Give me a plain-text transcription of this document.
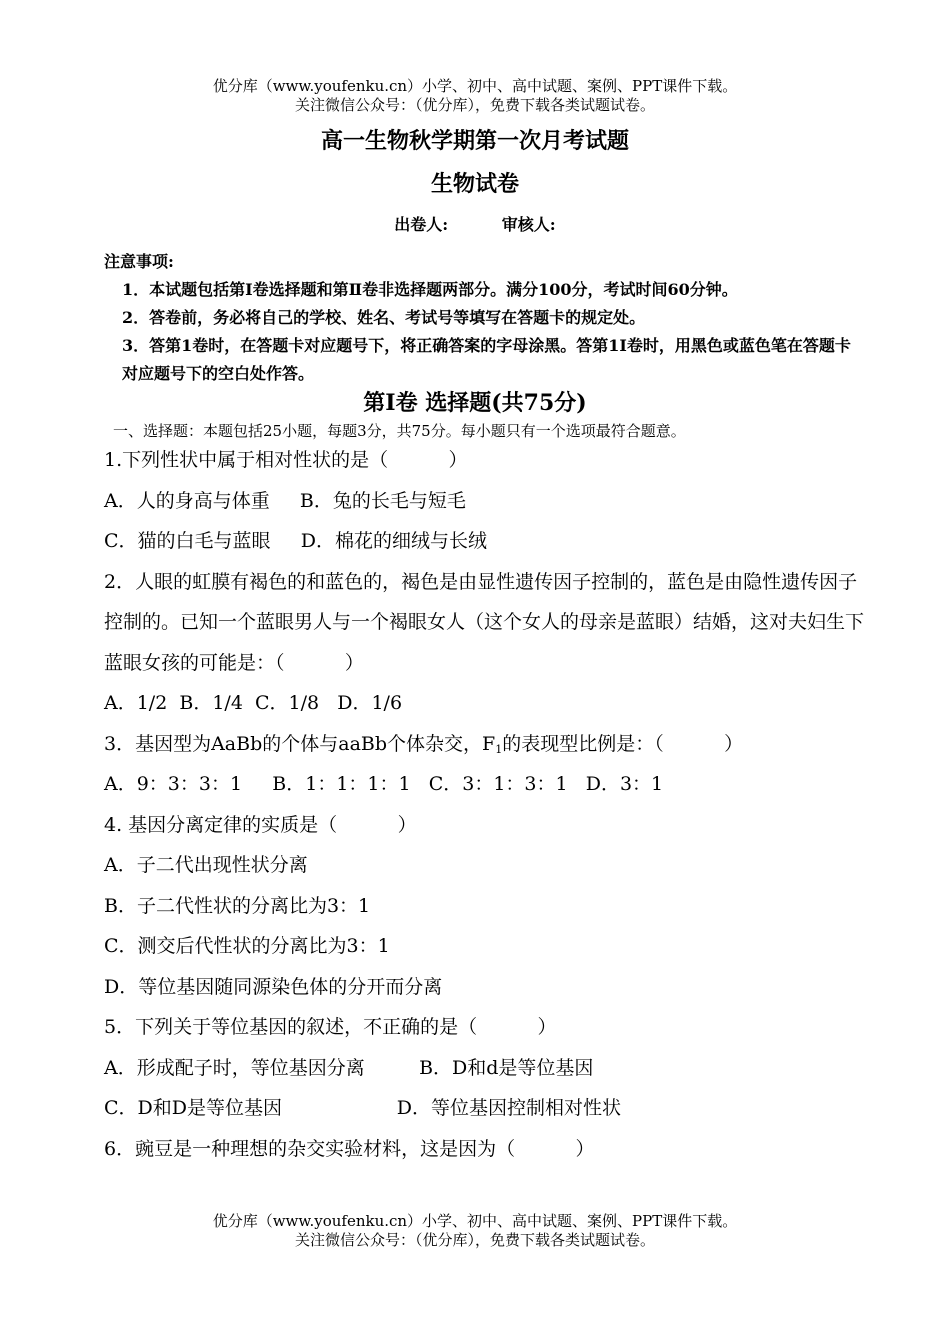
优分库（www.youfenku.cn）小学、初中、高中试题、案例、PPT课件下载。
关注微信公众号：（优分库），免费下载各类试题试卷。
高一生物秋学期第一次月考试题
生物试卷
出卷人:	审核人:
注意事项:
1．本试题包括第Ⅰ卷选择题和第Ⅱ卷非选择题两部分。满分100分，考试时间60分钟。
2．答卷前，务必将自己的学校、姓名、考试号等填写在答题卡的规定处。
3．答第1卷时，在答题卡对应题号下，将正确答案的字母涂黑。答第1I卷时，用黑色或蓝色笔在答题卡对应题号下的空白处作答。
第Ⅰ卷 选择题(共75分)
一、选择题：本题包括25小题，每题3分，共75分。每小题只有一个选项最符合题意。
1.下列性状中属于相对性状的是（          ）
A．人的身高与体重     B．兔的长毛与短毛
C．猫的白毛与蓝眼     D．棉花的细绒与长绒
2．人眼的虹膜有褐色的和蓝色的，褐色是由显性遗传因子控制的，蓝色是由隐性遗传因子控制的。已知一个蓝眼男人与一个褐眼女人（这个女人的母亲是蓝眼）结婚，这对夫妇生下蓝眼女孩的可能是：（          ）
A．1/2  B．1/4  C．1/8   D．1/6
3．基因型为AaBb的个体与aaBb个体杂交，$F_1$的表现型比例是：（          ）
A．9：3：3：1     B．1：1：1：1   C．3：1：3：1   D．3：1
4. 基因分离定律的实质是（          ）
A．子二代出现性状分离
B．子二代性状的分离比为3：1
C．测交后代性状的分离比为3：1
D．等位基因随同源染色体的分开而分离
5．下列关于等位基因的叙述，不正确的是（          ）
A．形成配子时，等位基因分离         B．D和d是等位基因
C．D和D是等位基因                   D．等位基因控制相对性状
6．豌豆是一种理想的杂交实验材料，这是因为（          ）
优分库（www.youfenku.cn）小学、初中、高中试题、案例、PPT课件下载。
关注微信公众号：（优分库），免费下载各类试题试卷。
